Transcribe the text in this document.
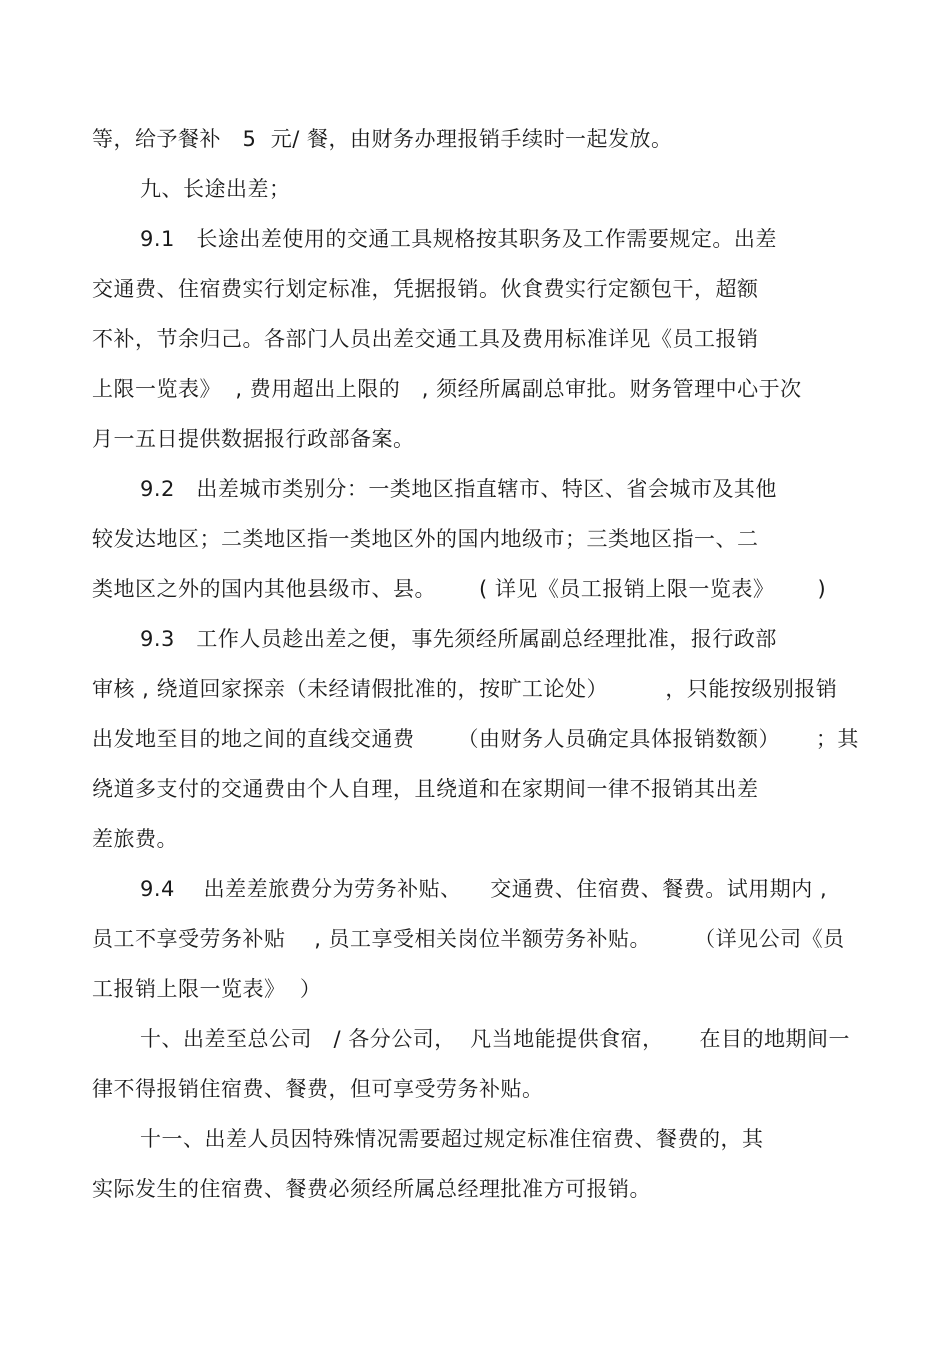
等，给予餐补   5  元/ 餐，由财务办理报销手续时一起发放。
九、长途出差；
9.1   长途出差使用的交通工具规格按其职务及工作需要规定。出差
交通费、住宿费实行划定标准，凭据报销。伙食费实行定额包干，超额
不补，节余归己。各部门人员出差交通工具及费用标准详见《员工报销
上限一览表》  , 费用超出上限的   , 须经所属副总审批。财务管理中心于次
月一五日提供数据报行政部备案。
9.2   出差城市类别分：一类地区指直辖市、特区、省会城市及其他
较发达地区；二类地区指一类地区外的国内地级市；三类地区指一、二
类地区之外的国内其他县级市、县。      ( 详见《员工报销上限一览表》      )
9.3   工作人员趁出差之便，事先须经所属副总经理批准，报行政部
审核 , 绕道回家探亲（未经请假批准的，按旷工论处）        ，只能按级别报销
出发地至目的地之间的直线交通费      （由财务人员确定具体报销数额）     ；其
绕道多支付的交通费由个人自理，且绕道和在家期间一律不报销其出差
差旅费。
9.4    出差差旅费分为劳务补贴、    交通费、住宿费、餐费。试用期内 ,
员工不享受劳务补贴    , 员工享受相关岗位半额劳务补贴。      （详见公司《员
工报销上限一览表》  ）
十、出差至总公司   / 各分公司，  凡当地能提供食宿，     在目的地期间一
律不得报销住宿费、餐费，但可享受劳务补贴。
十一、出差人员因特殊情况需要超过规定标准住宿费、餐费的，其
实际发生的住宿费、餐费必须经所属总经理批准方可报销。
